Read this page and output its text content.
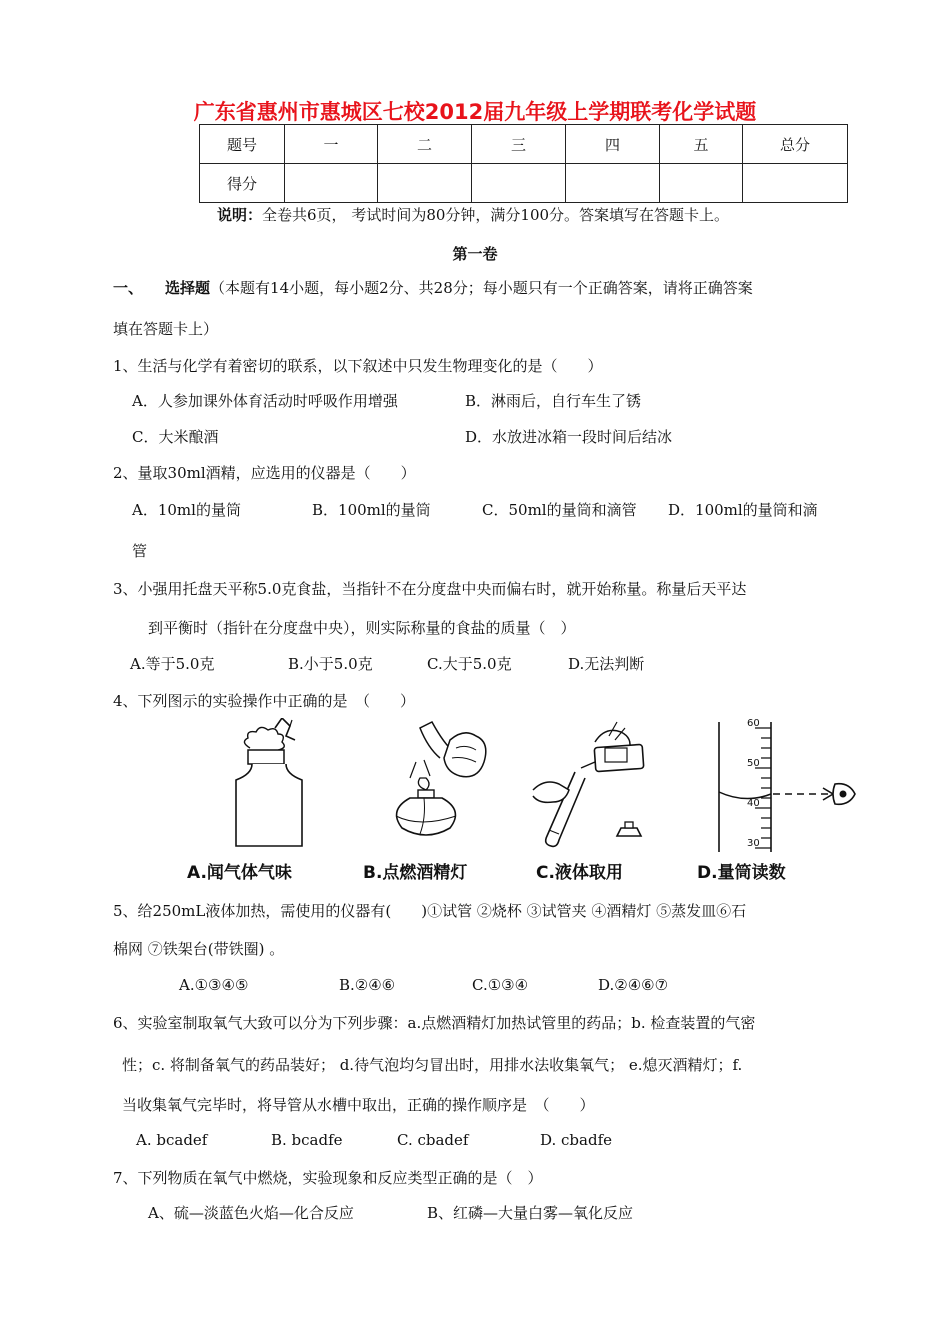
广东省惠州市惠城区七校2012届九年级上学期联考化学试题
题号	一	二	三	四	五	总分
得分						
说明：全卷共6页， 考试时间为80分钟，满分100分。答案填写在答题卡上。
第一卷
一、 选择题（本题有14小题，每小题2分、共28分；每小题只有一个正确答案，请将正确答案
填在答题卡上）
1、生活与化学有着密切的联系，以下叙述中只发生物理变化的是（　　）
A．人参加课外体育活动时呼吸作用增强	B．淋雨后，自行车生了锈
C．大米酿酒	D．水放进冰箱一段时间后结冰
2、量取30ml酒精，应选用的仪器是（　　）
A．10ml的量筒	B．100ml的量筒	C．50ml的量筒和滴管 D．100ml的量筒和滴
管
3、小强用托盘天平称5.0克食盐，当指针不在分度盘中央而偏右时，就开始称量。称量后天平达
到平衡时（指针在分度盘中央），则实际称量的食盐的质量（　）
A.等于5.0克	B.小于5.0克	C.大于5.0克	D.无法判断
4、下列图示的实验操作中正确的是　（　　）
60
50
40
30
A.闻气体气味	B.点燃酒精灯	C.液体取用	D.量筒读数
5、给250mL液体加热，需使用的仪器有(　　)①试管 ②烧杯 ③试管夹 ④酒精灯 ⑤蒸发皿⑥石
棉网 ⑦铁架台(带铁圈) 。
A.①③④⑤	B.②④⑥	C.①③④	D.②④⑥⑦
6、实验室制取氧气大致可以分为下列步骤：a.点燃酒精灯加热试管里的药品；b. 检查装置的气密
性；c. 将制备氧气的药品装好； d.待气泡均匀冒出时，用排水法收集氧气； e.熄灭酒精灯；f.
当收集氧气完毕时，将导管从水槽中取出，正确的操作顺序是　（　　）
A. bcadef	B. bcadfe	C. cbadef	D. cbadfe
7、下列物质在氧气中燃烧，实验现象和反应类型正确的是（　）
A、硫—淡蓝色火焰—化合反应	B、红磷—大量白雾—氧化反应
